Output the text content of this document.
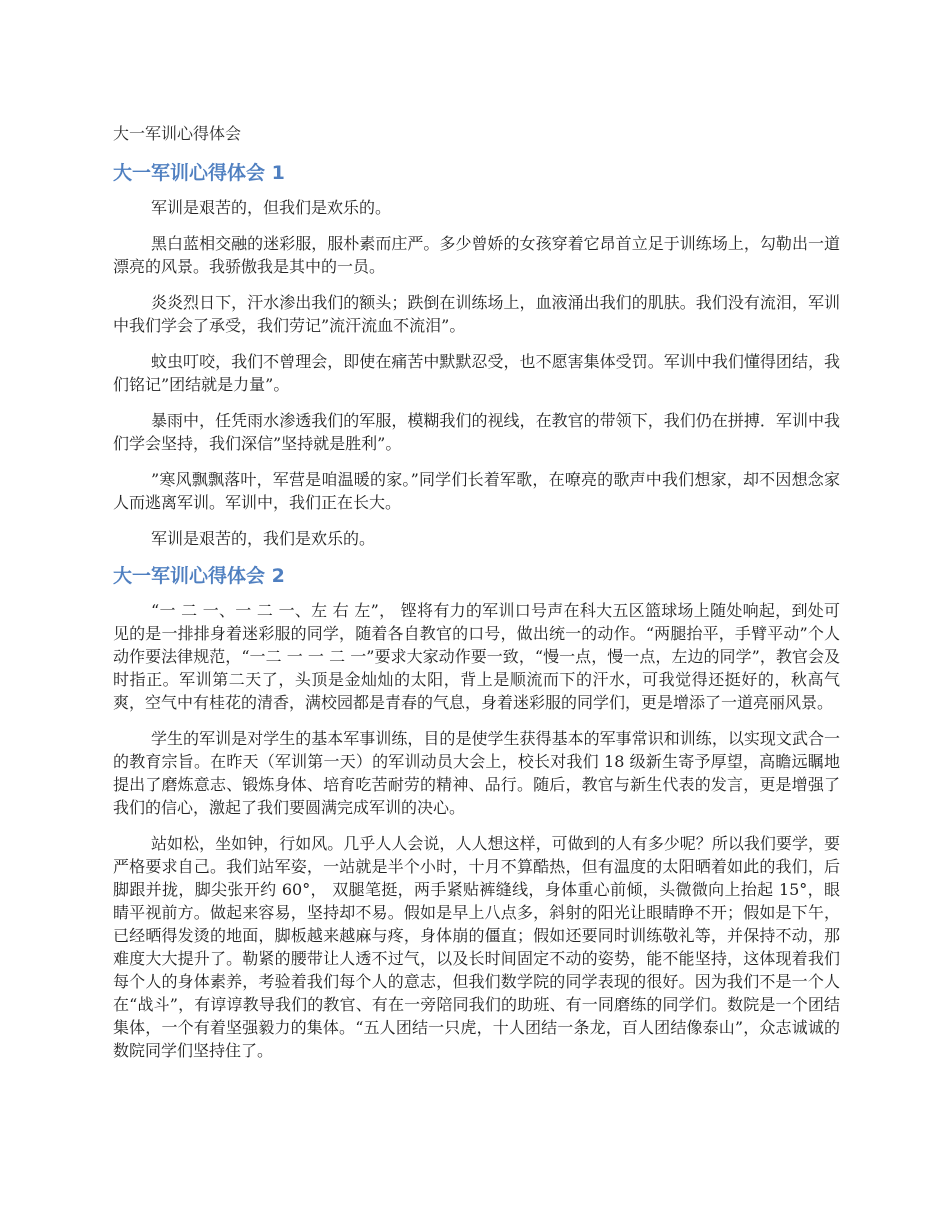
大一军训心得体会
大一军训心得体会 1

军训是艰苦的，但我们是欢乐的。

黑白蓝相交融的迷彩服，服朴素而庄严。多少曾娇的女孩穿着它昂首立足于训练场上，勾勒出一道漂亮的风景。我骄傲我是其中的一员。

炎炎烈日下，汗水渗出我们的额头；跌倒在训练场上，血液涌出我们的肌肤。我们没有流泪，军训中我们学会了承受，我们劳记”流汗流血不流泪”。

蚊虫叮咬，我们不曾理会，即使在痛苦中默默忍受，也不愿害集体受罚。军训中我们懂得团结，我们铭记”团结就是力量”。

暴雨中，任凭雨水渗透我们的军服，模糊我们的视线，在教官的带领下，我们仍在拼搏．军训中我们学会坚持，我们深信”坚持就是胜利”。

”寒风飘飘落叶，军营是咱温暖的家。”同学们长着军歌，在嘹亮的歌声中我们想家，却不因想念家人而逃离军训。军训中，我们正在长大。

军训是艰苦的，我们是欢乐的。

大一军训心得体会 2

“一 二 一、一 二 一、左 右 左”， 铿将有力的军训口号声在科大五区篮球场上随处响起，到处可见的是一排排身着迷彩服的同学，随着各自教官的口号，做出统一的动作。“两腿抬平，手臂平动”个人动作要法律规范，“一二 一 一 二 一”要求大家动作要一致，“慢一点，慢一点，左边的同学”，教官会及时指正。军训第二天了，头顶是金灿灿的太阳，背上是顺流而下的汗水，可我觉得还挺好的，秋高气爽，空气中有桂花的清香，满校园都是青春的气息，身着迷彩服的同学们，更是增添了一道亮丽风景。

学生的军训是对学生的基本军事训练，目的是使学生获得基本的军事常识和训练，以实现文武合一的教育宗旨。在昨天（军训第一天）的军训动员大会上，校长对我们 18 级新生寄予厚望，高瞻远瞩地提出了磨炼意志、锻炼身体、培育吃苦耐劳的精神、品行。随后，教官与新生代表的发言，更是增强了我们的信心，激起了我们要圆满完成军训的决心。

站如松，坐如钟，行如风。几乎人人会说，人人想这样，可做到的人有多少呢？所以我们要学，要严格要求自己。我们站军姿，一站就是半个小时，十月不算酷热，但有温度的太阳晒着如此的我们，后脚跟并拢，脚尖张开约 60°， 双腿笔挺，两手紧贴裤缝线，身体重心前倾，头微微向上抬起 15°，眼睛平视前方。做起来容易，坚持却不易。假如是早上八点多，斜射的阳光让眼睛睁不开；假如是下午，已经晒得发烫的地面，脚板越来越麻与疼，身体崩的僵直；假如还要同时训练敬礼等，并保持不动，那难度大大提升了。勒紧的腰带让人透不过气，以及长时间固定不动的姿势，能不能坚持，这体现着我们每个人的身体素养，考验着我们每个人的意志，但我们数学院的同学表现的很好。因为我们不是一个人在“战斗”，有谆谆教导我们的教官、有在一旁陪同我们的助班、有一同磨练的同学们。数院是一个团结集体，一个有着坚强毅力的集体。“五人团结一只虎，十人团结一条龙，百人团结像泰山”，众志诚诚的数院同学们坚持住了。
